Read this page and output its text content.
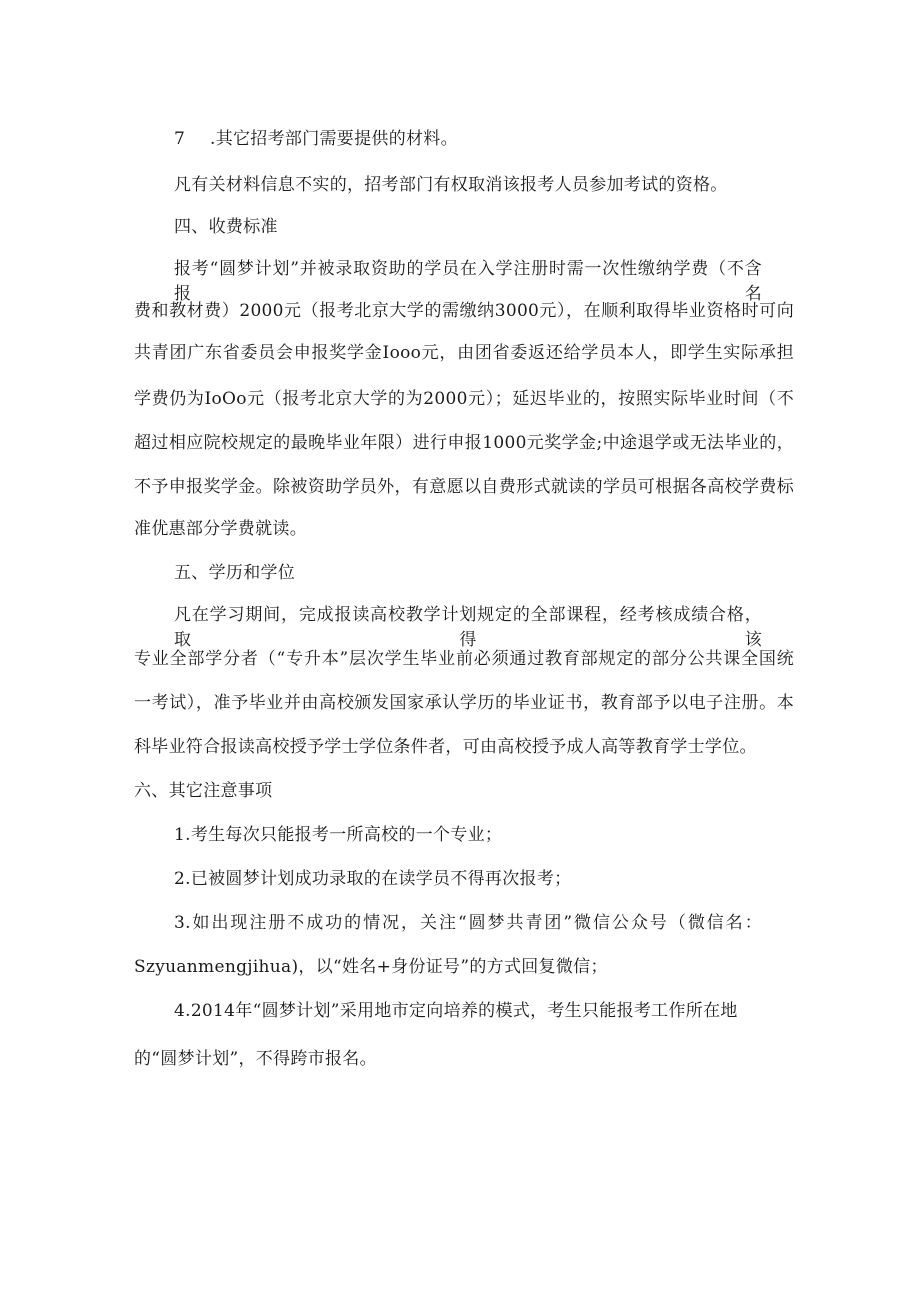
7 .其它招考部门需要提供的材料。
凡有关材料信息不实的，招考部门有权取消该报考人员参加考试的资格。
四、收费标准
报考“圆梦计划”并被录取资助的学员在入学注册时需一次性缴纳学费（不含报名
费和教材费）2000元（报考北京大学的需缴纳3000元），在顺利取得毕业资格时可向
共青团广东省委员会申报奖学金Iooo元，由团省委返还给学员本人，即学生实际承担
学费仍为IoOo元（报考北京大学的为2000元）；延迟毕业的，按照实际毕业时间（不
超过相应院校规定的最晚毕业年限）进行申报1000元奖学金;中途退学或无法毕业的，
不予申报奖学金。除被资助学员外，有意愿以自费形式就读的学员可根据各高校学费标
准优惠部分学费就读。
五、学历和学位
凡在学习期间，完成报读高校教学计划规定的全部课程，经考核成绩合格，取得该
专业全部学分者（“专升本”层次学生毕业前必须通过教育部规定的部分公共课全国统
一考试），准予毕业并由高校颁发国家承认学历的毕业证书，教育部予以电子注册。本
科毕业符合报读高校授予学士学位条件者，可由高校授予成人高等教育学士学位。
六、其它注意事项
1.考生每次只能报考一所高校的一个专业；
2.已被圆梦计划成功录取的在读学员不得再次报考；
3.如出现注册不成功的情况，关注“圆梦共青团”微信公众号（微信名：
Szyuanmengjihua)，以“姓名+身份证号”的方式回复微信；
4.2014年“圆梦计划”采用地市定向培养的模式，考生只能报考工作所在地
的“圆梦计划”，不得跨市报名。
